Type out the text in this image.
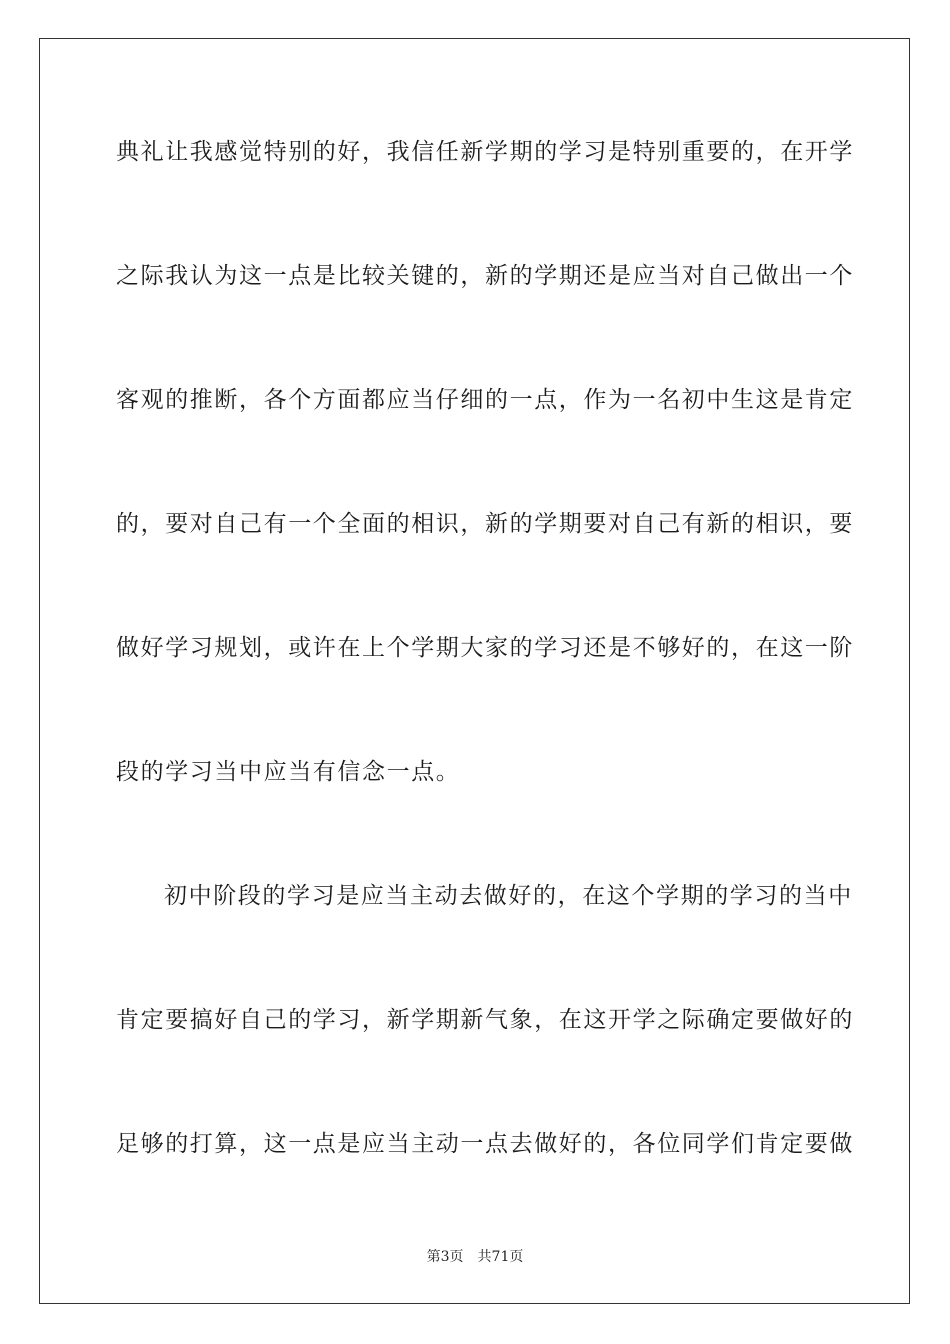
典礼让我感觉特别的好，我信任新学期的学习是特别重要的，在开学
之际我认为这一点是比较关键的，新的学期还是应当对自己做出一个
客观的推断，各个方面都应当仔细的一点，作为一名初中生这是肯定
的，要对自己有一个全面的相识，新的学期要对自己有新的相识，要
做好学习规划，或许在上个学期大家的学习还是不够好的，在这一阶
段的学习当中应当有信念一点。
初中阶段的学习是应当主动去做好的，在这个学期的学习的当中
肯定要搞好自己的学习，新学期新气象，在这开学之际确定要做好的
足够的打算，这一点是应当主动一点去做好的，各位同学们肯定要做
第3页 共71页
